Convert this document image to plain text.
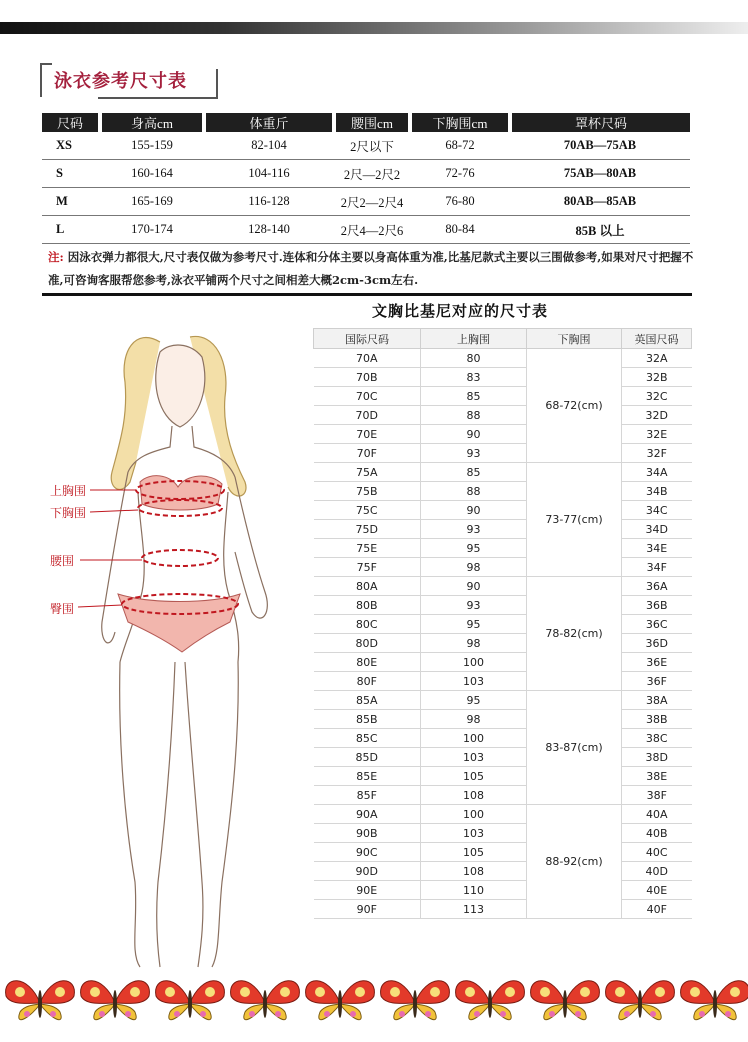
泳衣参考尺寸表
尺码	身高cm	体重斤	腰围cm	下胸围cm	罩杯尺码
XS	155-159	82-104	2尺以下	68-72	70AB—75AB
S	160-164	104-116	2尺—2尺2	72-76	75AB—80AB
M	165-169	116-128	2尺2—2尺4	76-80	80AB—85AB
L	170-174	128-140	2尺4—2尺6	80-84	85B 以上
注: 因泳衣弹力都很大,尺寸表仅做为参考尺寸.连体和分体主要以身高体重为准,比基尼款式主要以三围做参考,如果对尺寸把握不准,可咨询客服帮您参考,泳衣平铺两个尺寸之间相差大概2cm-3cm左右.
文胸比基尼对应的尺寸表
国际尺码	上胸围	下胸围	英国尺码
70A	80	68-72(cm)	32A
70B	83		32B
70C	85		32C
70D	88		32D
70E	90		32E
70F	93		32F
75A	85	73-77(cm)	34A
75B	88		34B
75C	90		34C
75D	93		34D
75E	95		34E
75F	98		34F
80A	90	78-82(cm)	36A
80B	93		36B
80C	95		36C
80D	98		36D
80E	100		36E
80F	103		36F
85A	95	83-87(cm)	38A
85B	98		38B
85C	100		38C
85D	103		38D
85E	105		38E
85F	108		38F
90A	100	88-92(cm)	40A
90B	103		40B
90C	105		40C
90D	108		40D
90E	110		40E
90F	113		40F
上胸围
下胸围
腰围
臀围
